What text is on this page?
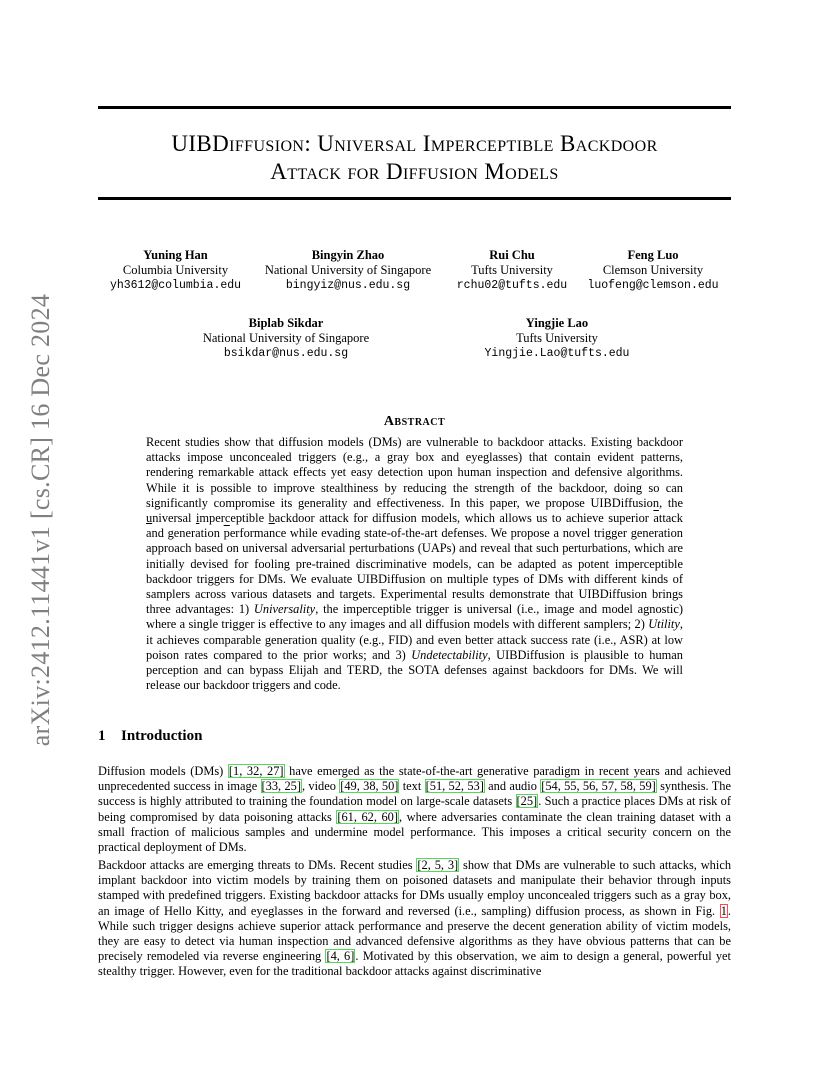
arXiv:2412.11441v1 [cs.CR] 16 Dec 2024
UIBDiffusion: Universal Imperceptible Backdoor
Attack for Diffusion Models
Yuning Han
Columbia University
yh3612@columbia.edu
Bingyin Zhao
National University of Singapore
bingyiz@nus.edu.sg
Rui Chu
Tufts University
rchu02@tufts.edu
Feng Luo
Clemson University
luofeng@clemson.edu
Biplab Sikdar
National University of Singapore
bsikdar@nus.edu.sg
Yingjie Lao
Tufts University
Yingjie.Lao@tufts.edu
Abstract

Recent studies show that diffusion models (DMs) are vulnerable to backdoor attacks. Existing backdoor attacks impose unconcealed triggers (e.g., a gray box and eyeglasses) that contain evident patterns, rendering remarkable attack effects yet easy detection upon human inspection and defensive algorithms. While it is possible to improve stealthiness by reducing the strength of the backdoor, doing so can significantly compromise its generality and effectiveness. In this paper, we propose UIBDiffusion, the universal imperceptible backdoor attack for diffusion models, which allows us to achieve superior $\overline{a}ttack$ and generation $\overline{p}erformance$ while evading state-of-the-art defenses. We propose a novel trigger generation approach based on universal adversarial perturbations (UAPs) and reveal that such perturbations, which are initially devised for fooling pre-trained discriminative models, can be adapted as potent imperceptible backdoor triggers for DMs. We evaluate UIBDiffusion on multiple types of DMs with different kinds of samplers across various datasets and targets. Experimental results demonstrate that UIBDiffusion brings three advantages: 1) Universality, the imperceptible trigger is universal (i.e., image and model agnostic) where a single trigger is effective to any images and all diffusion models with different samplers; 2) Utility, it achieves comparable generation quality (e.g., FID) and even better attack success rate (i.e., ASR) at low poison rates compared to the prior works; and 3) Undetectability, UIBDiffusion is plausible to human perception and can bypass Elijah and TERD, the SOTA defenses against backdoors for DMs. We will release our backdoor triggers and code.

1 Introduction

Diffusion models (DMs) [1, 32, 27] have emerged as the state-of-the-art generative paradigm in recent years and achieved unprecedented success in image [33, 25], video [49, 38, 50] text [51, 52, 53] and audio [54, 55, 56, 57, 58, 59] synthesis. The success is highly attributed to training the foundation model on large-scale datasets [25]. Such a practice places DMs at risk of being compromised by data poisoning attacks [61, 62, 60], where adversaries contaminate the clean training dataset with a small fraction of malicious samples and undermine model performance. This imposes a critical security concern on the practical deployment of DMs.

Backdoor attacks are emerging threats to DMs. Recent studies [2, 5, 3] show that DMs are vulnerable to such attacks, which implant backdoor into victim models by training them on poisoned datasets and manipulate their behavior through inputs stamped with predefined triggers. Existing backdoor attacks for DMs usually employ unconcealed triggers such as a gray box, an image of Hello Kitty, and eyeglasses in the forward and reversed (i.e., sampling) diffusion process, as shown in Fig. 1. While such trigger designs achieve superior attack performance and preserve the decent generation ability of victim models, they are easy to detect via human inspection and advanced defensive algorithms as they have obvious patterns that can be precisely remodeled via reverse engineering [4, 6]. Motivated by this observation, we aim to design a general, powerful yet stealthy trigger. However, even for the traditional backdoor attacks against discriminative
